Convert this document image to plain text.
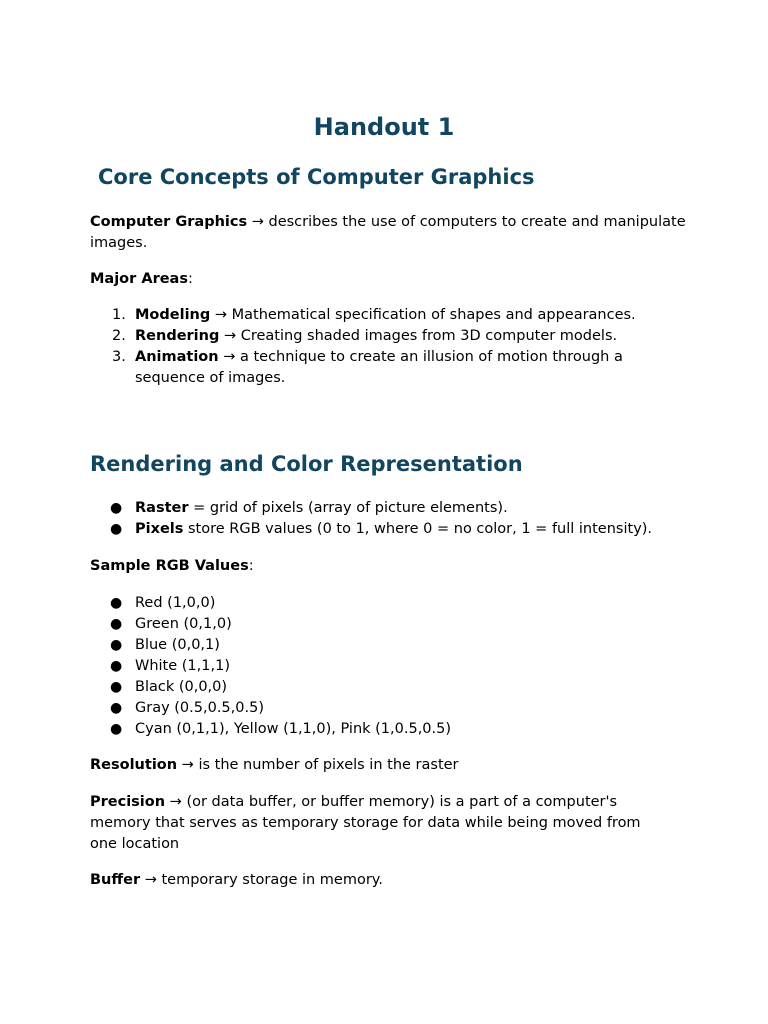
Handout 1
Core Concepts of Computer Graphics

Computer Graphics → describes the use of computers to create and manipulate images.

Major Areas:

1. Modeling → Mathematical specification of shapes and appearances.
2. Rendering → Creating shaded images from 3D computer models.
3. Animation → a technique to create an illusion of motion through a sequence of images.
Rendering and Color Representation
● Raster = grid of pixels (array of picture elements).
● Pixels store RGB values (0 to 1, where 0 = no color, 1 = full intensity).

Sample RGB Values:

● Red (1,0,0)
● Green (0,1,0)
● Blue (0,0,1)
● White (1,1,1)
● Black (0,0,0)
● Gray (0.5,0.5,0.5)
● Cyan (0,1,1), Yellow (1,1,0), Pink (1,0.5,0.5)

Resolution → is the number of pixels in the raster

Precision → (or data buffer, or buffer memory) is a part of a computer's memory that serves as temporary storage for data while being moved from one location

Buffer → temporary storage in memory.
